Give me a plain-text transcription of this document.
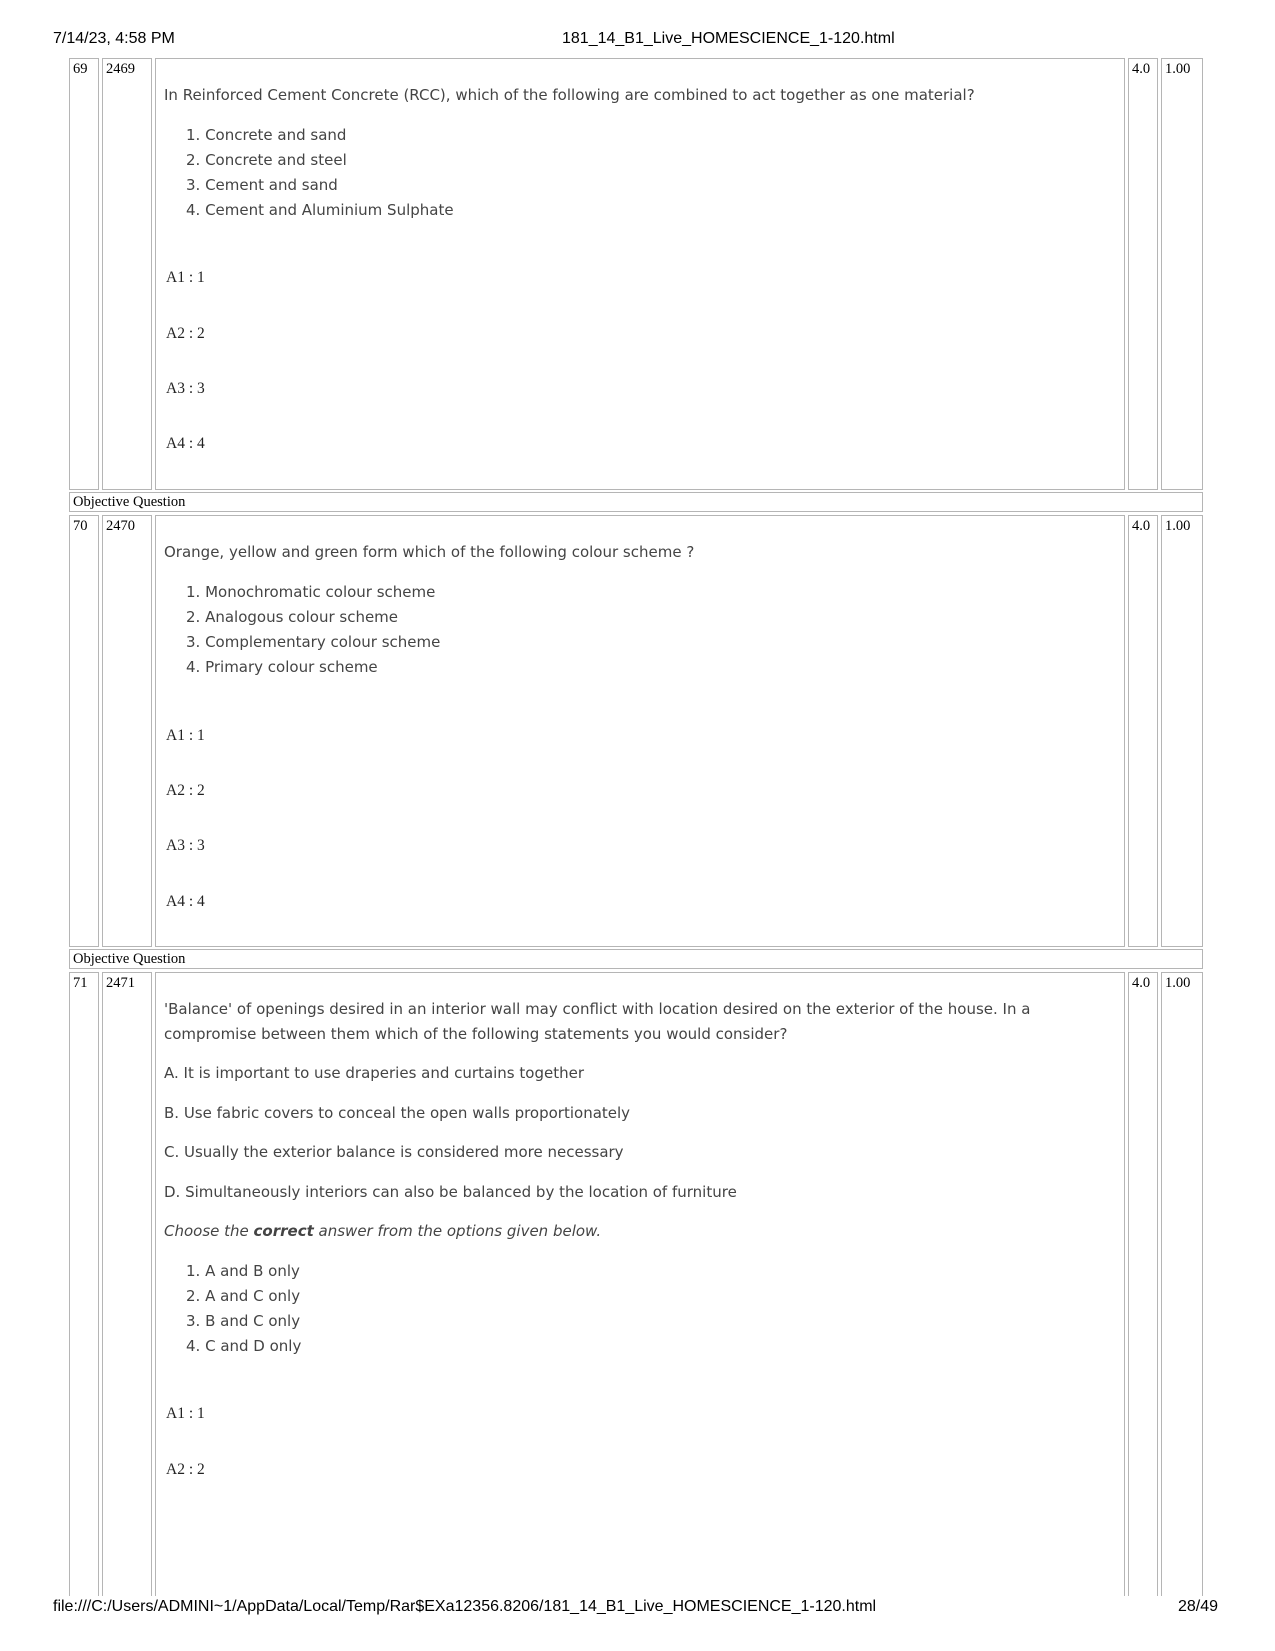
7/14/23, 4:58 PM	181_14_B1_Live_HOMESCIENCE_1-120.html
69	2469

In Reinforced Cement Concrete (RCC), which of the following are combined to act together as one material?

1. Concrete and sand
2. Concrete and steel
3. Cement and sand
4. Cement and Aluminium Sulphate
A1 : 1
A2 : 2
A3 : 3
A4 : 4
4.0	1.00
Objective Question
70	2470

Orange, yellow and green form which of the following colour scheme ?

1. Monochromatic colour scheme
2. Analogous colour scheme
3. Complementary colour scheme
4. Primary colour scheme
A1 : 1
A2 : 2
A3 : 3
A4 : 4
4.0	1.00
Objective Question
71	2471

'Balance' of openings desired in an interior wall may conflict with location desired on the exterior of the house. In a compromise between them which of the following statements you would consider?

A. It is important to use draperies and curtains together

B. Use fabric covers to conceal the open walls proportionately

C. Usually the exterior balance is considered more necessary

D. Simultaneously interiors can also be balanced by the location of furniture

Choose the correct answer from the options given below.

1. A and B only
2. A and C only
3. B and C only
4. C and D only
A1 : 1
A2 : 2
4.0	1.00
file:///C:/Users/ADMINI~1/AppData/Local/Temp/Rar$EXa12356.8206/181_14_B1_Live_HOMESCIENCE_1-120.html	28/49
